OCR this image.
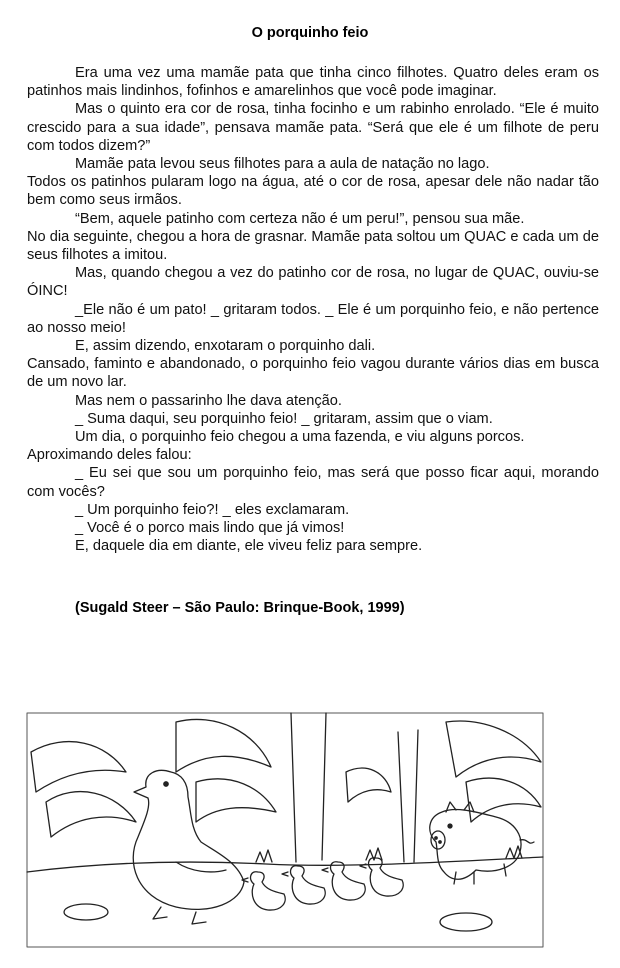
O porquinho feio

Era uma vez uma mamãe pata que tinha cinco filhotes. Quatro deles eram os patinhos mais lindinhos, fofinhos e amarelinhos que você pode imaginar.

Mas o quinto era cor de rosa, tinha focinho e um rabinho enrolado. “Ele é muito crescido para a sua idade”, pensava mamãe pata. “Será que ele é um filhote de peru com todos dizem?”

Mamãe pata levou seus filhotes para a aula de natação no lago.

Todos os patinhos pularam logo na água, até o cor de rosa, apesar dele não nadar tão bem como seus irmãos.

“Bem, aquele patinho com certeza não é um peru!”, pensou sua mãe.

No dia seguinte, chegou a hora de grasnar. Mamãe pata soltou um QUAC e cada um de seus filhotes a imitou.

Mas, quando chegou a vez do patinho cor de rosa, no lugar de QUAC, ouviu-se ÓINC!

_Ele não é um pato! _ gritaram todos. _ Ele é um porquinho feio, e não pertence ao nosso meio!

E, assim dizendo, enxotaram o porquinho dali.

Cansado, faminto e abandonado, o porquinho feio vagou durante vários dias em busca de um novo lar.

Mas nem o passarinho lhe dava atenção.

_ Suma daqui, seu porquinho feio! _ gritaram, assim que o viam.

Um dia, o porquinho feio chegou a uma fazenda, e viu alguns porcos.

Aproximando deles falou:

_ Eu sei que sou um porquinho feio, mas será que posso ficar aqui, morando com vocês?

_ Um porquinho feio?! _ eles exclamaram.

_ Você é o porco mais lindo que já vimos!

E, daquele dia em diante, ele viveu feliz para sempre.

(Sugald Steer – São Paulo: Brinque-Book, 1999)
